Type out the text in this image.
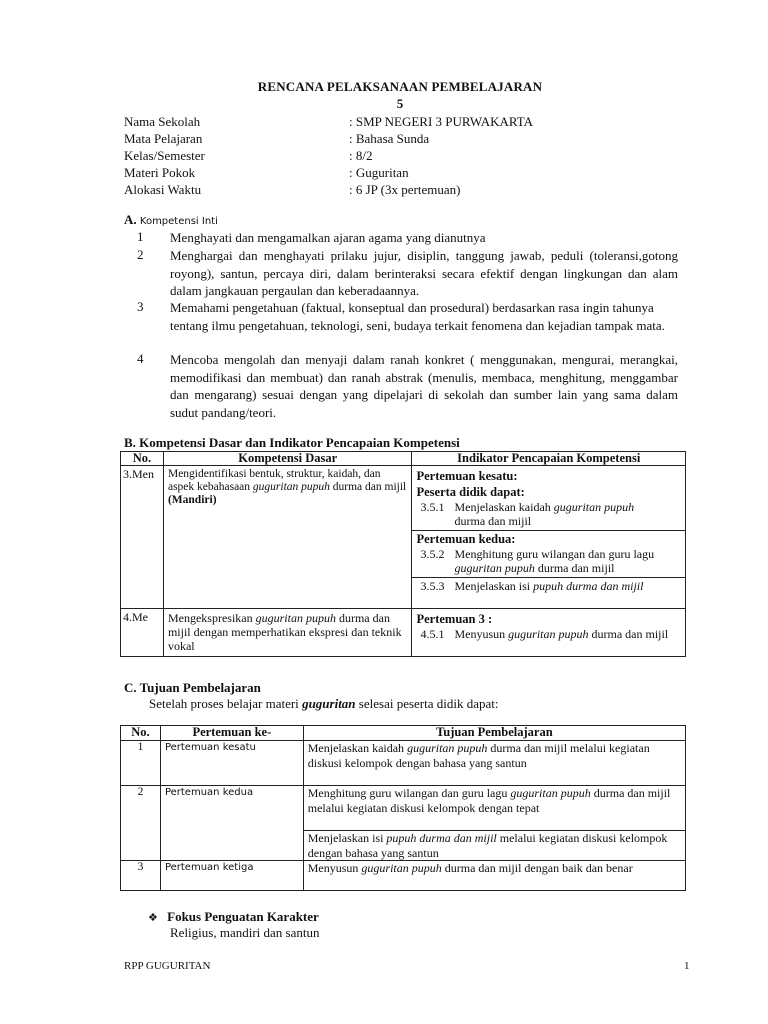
RENCANA PELAKSANAAN PEMBELAJARAN
5
Nama Sekolah	: SMP NEGERI 3 PURWAKARTA
Mata Pelajaran	: Bahasa Sunda
Kelas/Semester	: 8/2
Materi Pokok	: Guguritan
Alokasi Waktu	: 6 JP (3x pertemuan)
A. Kompetensi Inti
1 Menghayati dan mengamalkan ajaran agama yang dianutnya
2 Menghargai dan menghayati prilaku jujur, disiplin, tanggung jawab, peduli (toleransi,gotong royong), santun, percaya diri, dalam berinteraksi secara efektif dengan lingkungan dan alam dalam jangkauan pergaulan dan keberadaannya.
3 Memahami pengetahuan (faktual, konseptual dan prosedural) berdasarkan rasa ingin tahunya tentang ilmu pengetahuan, teknologi, seni, budaya terkait fenomena dan kejadian tampak mata.
4 Mencoba mengolah dan menyaji dalam ranah konkret ( menggunakan, mengurai, merangkai, memodifikasi dan membuat) dan ranah abstrak (menulis, membaca, menghitung, menggambar dan mengarang) sesuai dengan yang dipelajari di sekolah dan sumber lain yang sama dalam sudut pandang/teori.
B. Kompetensi Dasar dan Indikator Pencapaian Kompetensi
No.	Kompetensi Dasar	Indikator Pencapaian Kompetensi
3.Men	Mengidentifikasi bentuk, struktur, kaidah, dan aspek kebahasaan guguritan pupuh durma dan mijil (Mandiri)	Pertemuan kesatu:
Peserta didik dapat:
3.5.1 Menjelaskan kaidah guguritan pupuh
durma dan mijil

		Pertemuan kedua:
3.5.2 Menghitung guru wilangan dan guru lagu guguritan pupuh durma dan mijil

		3.5.3 Menjelaskan isi pupuh durma dan mijil

4.Me	Mengekspresikan guguritan pupuh durma dan mijil dengan memperhatikan ekspresi dan teknik vokal	Pertemuan 3 :
4.5.1 Menyusun guguritan pupuh durma dan mijil
C. Tujuan Pembelajaran
Setelah proses belajar materi guguritan selesai peserta didik dapat:
No.	Pertemuan ke-	Tujuan Pembelajaran
1	Pertemuan kesatu	Menjelaskan kaidah guguritan pupuh durma dan mijil melalui kegiatan diskusi kelompok dengan bahasa yang santun
2	Pertemuan kedua	Menghitung guru wilangan dan guru lagu guguritan pupuh durma dan mijil melalui kegiatan diskusi kelompok dengan tepat
		Menjelaskan isi pupuh durma dan mijil melalui kegiatan diskusi kelompok dengan bahasa yang santun
3	Pertemuan ketiga	Menyusun guguritan pupuh durma dan mijil dengan baik dan benar
❖ Fokus Penguatan Karakter
Religius, mandiri dan santun
RPP GUGURITAN	1
